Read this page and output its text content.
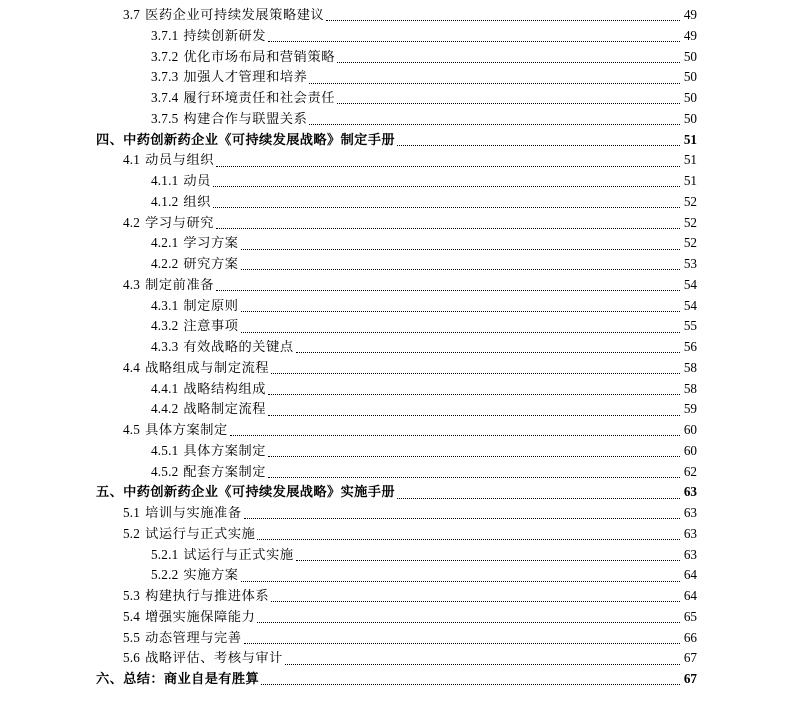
3.7 医药企业可持续发展策略建议	49
3.7.1 持续创新研发	49
3.7.2 优化市场布局和营销策略	50
3.7.3 加强人才管理和培养	50
3.7.4 履行环境责任和社会责任	50
3.7.5 构建合作与联盟关系	50
四、中药创新药企业《可持续发展战略》制定手册	51
4.1 动员与组织	51
4.1.1 动员	51
4.1.2 组织	52
4.2 学习与研究	52
4.2.1 学习方案	52
4.2.2 研究方案	53
4.3 制定前准备	54
4.3.1 制定原则	54
4.3.2 注意事项	55
4.3.3 有效战略的关键点	56
4.4 战略组成与制定流程	58
4.4.1 战略结构组成	58
4.4.2 战略制定流程	59
4.5 具体方案制定	60
4.5.1 具体方案制定	60
4.5.2 配套方案制定	62
五、中药创新药企业《可持续发展战略》实施手册	63
5.1 培训与实施准备	63
5.2 试运行与正式实施	63
5.2.1 试运行与正式实施	63
5.2.2 实施方案	64
5.3 构建执行与推进体系	64
5.4 增强实施保障能力	65
5.5 动态管理与完善	66
5.6 战略评估、考核与审计	67
六、总结：商业自是有胜算	67
